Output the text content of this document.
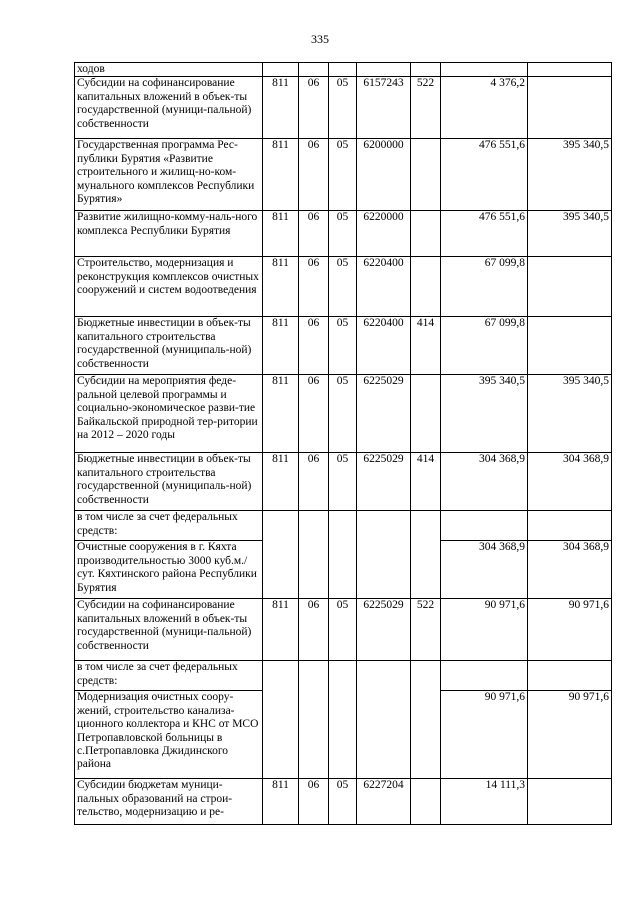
335
ходов							
Субсидии на софинансирование капитальных вложений в объек-ты государственной (муници-пальной) собственности	811	06	05	6157243	522	4 376,2	
Государственная программа Рес-публики Бурятия «Развитие строительного и жилищ-но-ком-мунального комплексов Республики Бурятия»	811	06	05	6200000		476 551,6	395 340,5
Развитие жилищно-комму-наль-ного комплекса Республики Бурятия	811	06	05	6220000		476 551,6	395 340,5
Строительство, модернизация и реконструкция комплексов очистных сооружений и систем водоотведения	811	06	05	6220400		67 099,8	
Бюджетные инвестиции в объек-ты капитального строительства государственной (муниципаль-ной) собственности	811	06	05	6220400	414	67 099,8	
Субсидии на мероприятия феде-ральной целевой программы и социально-экономическое разви-тие Байкальской природной тер-ритории на 2012 – 2020 годы	811	06	05	6225029		395 340,5	395 340,5
Бюджетные инвестиции в объек-ты капитального строительства государственной (муниципаль-ной) собственности	811	06	05	6225029	414	304 368,9	304 368,9
в том числе за счет федеральных средств:							
Очистные сооружения в г. Кяхта производительностью 3000 куб.м./сут. Кяхтинского района Республики Бурятия						304 368,9	304 368,9
Субсидии на софинансирование капитальных вложений в объек-ты государственной (муници-пальной) собственности	811	06	05	6225029	522	90 971,6	90 971,6
в том числе за счет федеральных средств:							
Модернизация очистных соору-жений, строительство канализа-ционного коллектора и КНС от МСО Петропавловской больницы в с.Петропавловка Джидинского района						90 971,6	90 971,6
Субсидии бюджетам муници-пальных образований на строи-тельство, модернизацию и ре-	811	06	05	6227204		14 111,3	
